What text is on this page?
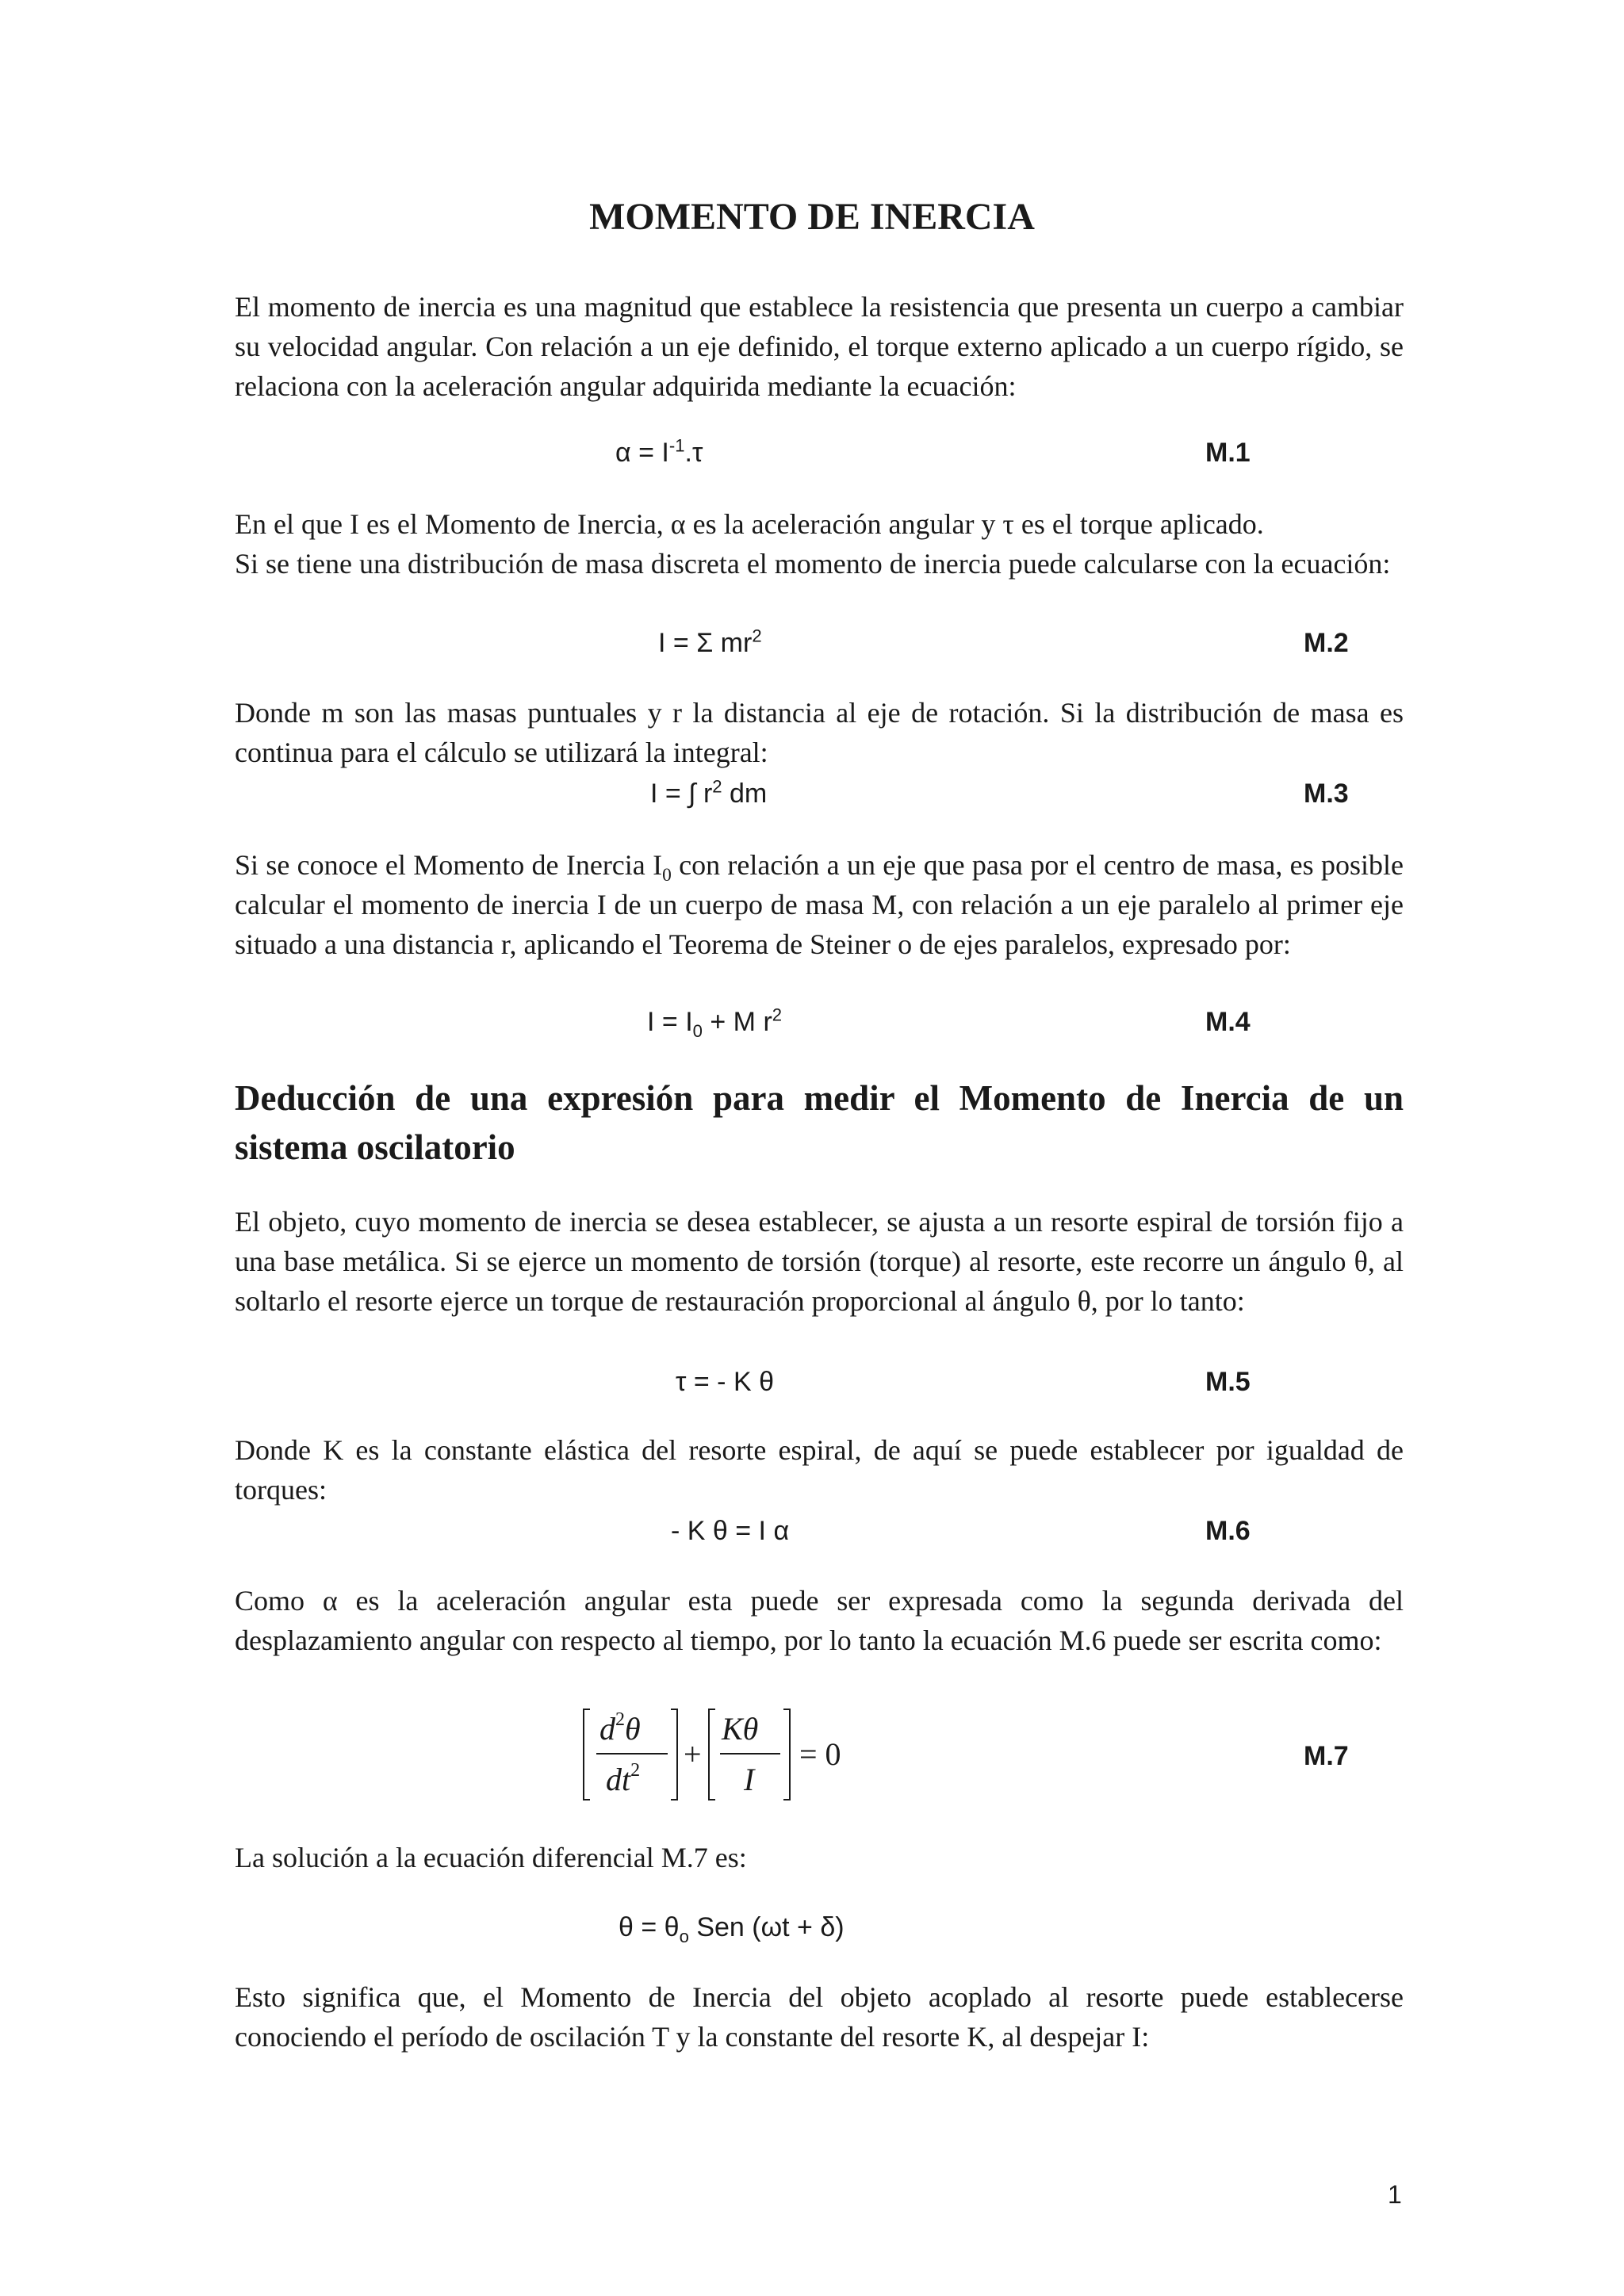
MOMENTO DE INERCIA
El momento de inercia es una magnitud que establece la resistencia que presenta un cuerpo a cambiar su velocidad angular. Con relación a un eje definido, el torque externo aplicado a un cuerpo rígido, se relaciona con la aceleración angular adquirida mediante la ecuación:
$\alpha = I^{-1}.\tau$	M.1
En el que I es el Momento de Inercia, α es la aceleración angular y τ es el torque aplicado.
Si se tiene una distribución de masa discreta el momento de inercia puede calcularse con la ecuación:
I = Σ $mr^2$	M.2
Donde m son las masas puntuales y r la distancia al eje de rotación. Si la distribución de masa es continua para el cálculo se utilizará la integral:
I = ∫ $r^2$ dm	M.3
Si se conoce el Momento de Inercia $I_0$ con relación a un eje que pasa por el centro de masa, es posible calcular el momento de inercia I de un cuerpo de masa M, con relación a un eje paralelo al primer eje situado a una distancia r, aplicando el Teorema de Steiner o de ejes paralelos, expresado por:
$I = I_0 + M$ $r^2$	M.4
Deducción de una expresión para medir el Momento de Inercia de un sistema oscilatorio
El objeto, cuyo momento de inercia se desea establecer, se ajusta a un resorte espiral de torsión fijo a una base metálica. Si se ejerce un momento de torsión (torque) al resorte, este recorre un ángulo θ, al soltarlo el resorte ejerce un torque de restauración proporcional al ángulo θ, por lo tanto:
τ = - K θ	M.5
Donde K es la constante elástica del resorte espiral, de aquí se puede establecer por igualdad de torques:
- K θ = I α	M.6
Como α es la aceleración angular esta puede ser expresada como la segunda derivada del desplazamiento angular con respecto al tiempo, por lo tanto la ecuación M.6 puede ser escrita como:
$d^2\theta$
$dt^2$ +
Kθ
I
= 0	M.7
La solución a la ecuación diferencial M.7 es:
$\theta = \theta_o$ Sen (ωt + δ)
Esto significa que, el Momento de Inercia del objeto acoplado al resorte puede establecerse conociendo el período de oscilación T y la constante del resorte K, al despejar I:
1
